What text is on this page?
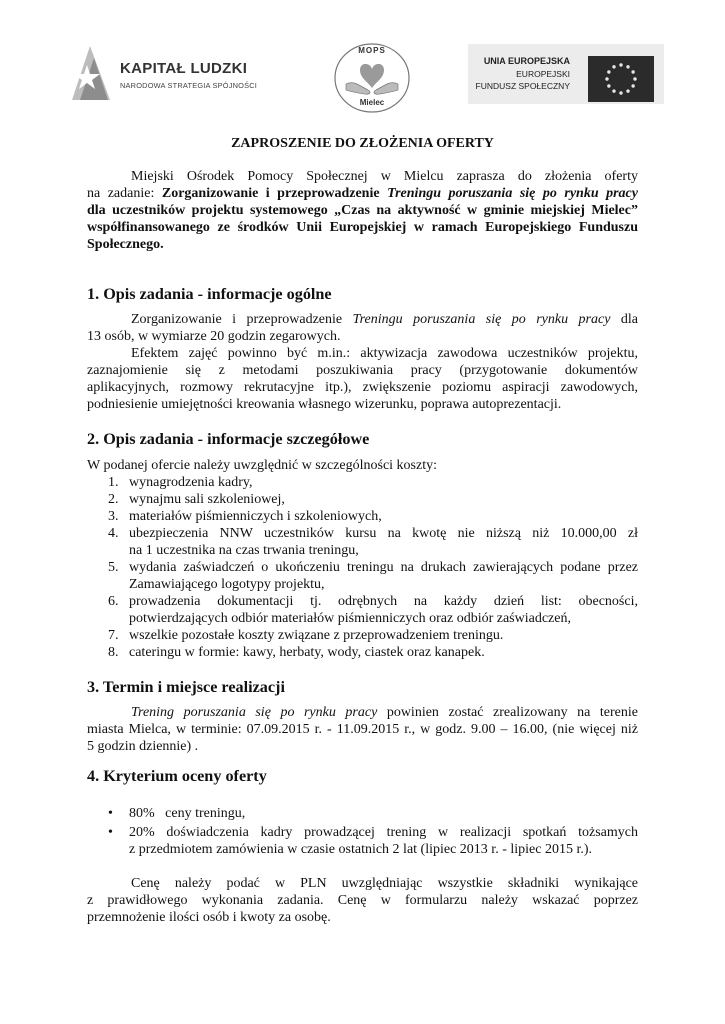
KAPITAŁ LUDZKI
NARODOWA STRATEGIA SPÓJNOŚCI
MOPS
Mielec
UNIA EUROPEJSKA
EUROPEJSKI
FUNDUSZ SPOŁECZNY
ZAPROSZENIE DO ZŁOŻENIA OFERTY
Miejski Ośrodek Pomocy Społecznej w Mielcu zaprasza do złożenia oferty
na zadanie: Zorganizowanie i przeprowadzenie Treningu poruszania się po rynku pracy
dla uczestników projektu systemowego „Czas na aktywność w gminie miejskiej Mielec”
współfinansowanego ze środków Unii Europejskiej w ramach Europejskiego Funduszu
Społecznego.
1. Opis zadania - informacje ogólne
Zorganizowanie i przeprowadzenie Treningu poruszania się po rynku pracy dla
13 osób, w wymiarze 20 godzin zegarowych.
Efektem zajęć powinno być m.in.: aktywizacja zawodowa uczestników projektu,
zaznajomienie się z metodami poszukiwania pracy (przygotowanie dokumentów
aplikacyjnych, rozmowy rekrutacyjne itp.), zwiększenie poziomu aspiracji zawodowych,
podniesienie umiejętności kreowania własnego wizerunku, poprawa autoprezentacji.
2. Opis zadania - informacje szczegółowe
W podanej ofercie należy uwzględnić w szczególności koszty:
1. wynagrodzenia kadry,
2. wynajmu sali szkoleniowej,
3. materiałów piśmienniczych i szkoleniowych,
4. ubezpieczenia NNW uczestników kursu na kwotę nie niższą niż 10.000,00 zł
na 1 uczestnika na czas trwania treningu,
5. wydania zaświadczeń o ukończeniu treningu na drukach zawierających podane przez
Zamawiającego logotypy projektu,
6. prowadzenia dokumentacji tj. odrębnych na każdy dzień list: obecności,
potwierdzających odbiór materiałów piśmienniczych oraz odbiór zaświadczeń,
7. wszelkie pozostałe koszty związane z przeprowadzeniem treningu.
8. cateringu w formie: kawy, herbaty, wody, ciastek oraz kanapek.
3. Termin i miejsce realizacji
Trening poruszania się po rynku pracy powinien zostać zrealizowany na terenie
miasta Mielca, w terminie: 07.09.2015 r. - 11.09.2015 r., w godz. 9.00 – 16.00, (nie więcej niż
5 godzin dziennie) .
4. Kryterium oceny oferty
• 80%   ceny treningu,
• 20% doświadczenia kadry prowadzącej trening w realizacji spotkań tożsamych
z przedmiotem zamówienia w czasie ostatnich 2 lat (lipiec 2013 r. - lipiec 2015 r.).
Cenę należy podać w PLN uwzględniając wszystkie składniki wynikające
z prawidłowego wykonania zadania. Cenę w formularzu należy wskazać poprzez
przemnożenie ilości osób i kwoty za osobę.
